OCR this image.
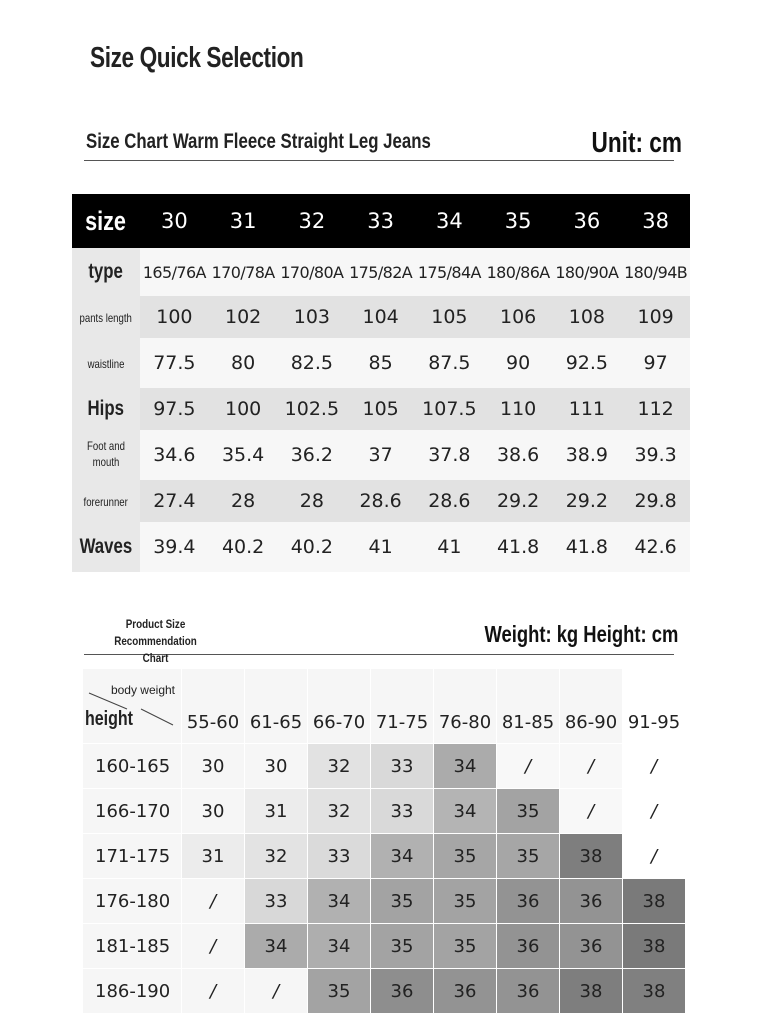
Size Quick Selection
Size Chart Warm Fleece Straight Leg Jeans	Unit: cm
size	30	31	32	33	34	35	36	38
type	165/76A	170/78A	170/80A	175/82A	175/84A	180/86A	180/90A	180/94B
pants length	100	102	103	104	105	106	108	109
waistline	77.5	80	82.5	85	87.5	90	92.5	97
Hips	97.5	100	102.5	105	107.5	110	111	112
Foot and mouth	34.6	35.4	36.2	37	37.8	38.6	38.9	39.3
forerunner	27.4	28	28	28.6	28.6	29.2	29.2	29.8
Waves	39.4	40.2	40.2	41	41	41.8	41.8	42.6
Product Size Recommendation
Chart
Weight: kg Height: cm
body weight
height	55-60	61-65	66-70	71-75	76-80	81-85	86-90	91-95
160-165	30	30	32	33	34	/	/	/
166-170	30	31	32	33	34	35	/	/
171-175	31	32	33	34	35	35	38	/
176-180	/	33	34	35	35	36	36	38
181-185	/	34	34	35	35	36	36	38
186-190	/	/	35	36	36	36	38	38
